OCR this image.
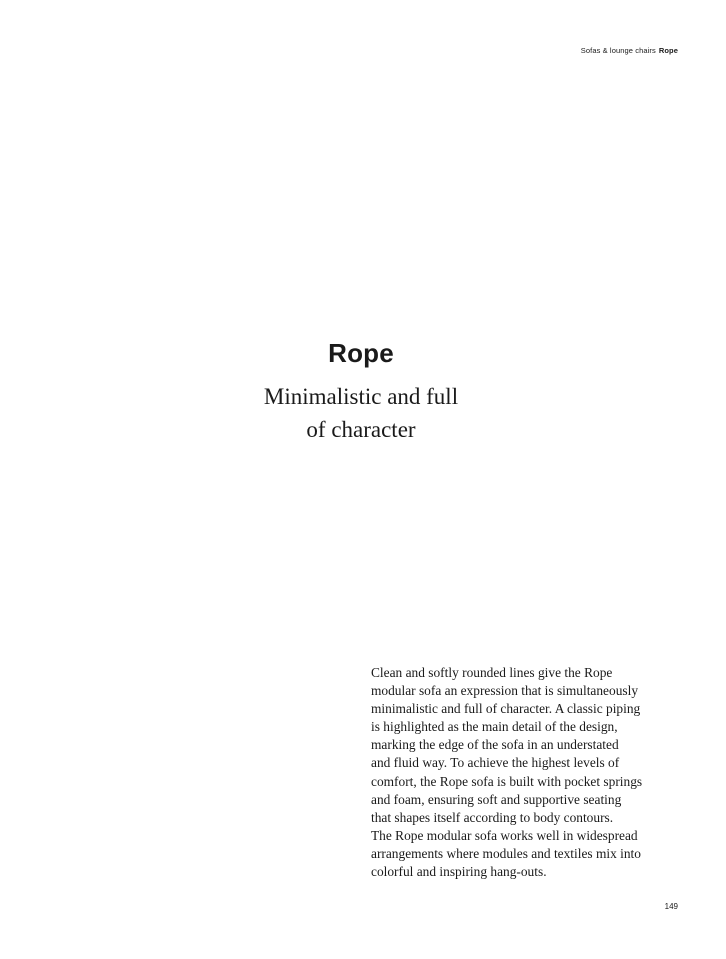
Sofas & lounge chairs Rope
Rope
Minimalistic and full
of character

Clean and softly rounded lines give the Rope
modular sofa an expression that is simultaneously
minimalistic and full of character. A classic piping
is highlighted as the main detail of the design,
marking the edge of the sofa in an understated
and fluid way. To achieve the highest levels of
comfort, the Rope sofa is built with pocket springs
and foam, ensuring soft and supportive seating
that shapes itself according to body contours.
The Rope modular sofa works well in widespread
arrangements where modules and textiles mix into
colorful and inspiring hang-outs.

149
